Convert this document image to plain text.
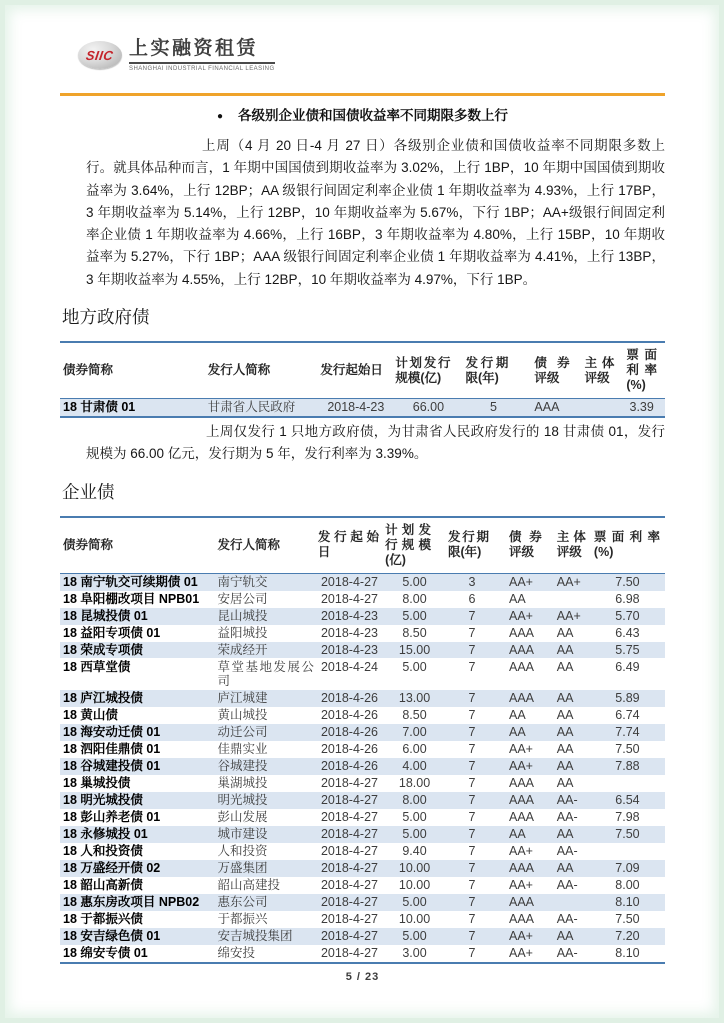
SIIC 上实融资租赁
SHANGHAI INDUSTRIAL FINANCIAL LEASING
● 各级别企业债和国债收益率不同期限多数上行

上周（4 月 20 日-4 月 27 日）各级别企业债和国债收益率不同期限多数上行。就具体品种而言，1 年期中国国债到期收益率为 3.02%，上行 1BP，10 年期中国国债到期收益率为 3.64%，上行 12BP；AA 级银行间固定利率企业债 1 年期收益率为 4.93%，上行 17BP，3 年期收益率为 5.14%，上行 12BP，10 年期收益率为 5.67%，下行 1BP；AA+级银行间固定利率企业债 1 年期收益率为 4.66%，上行 16BP，3 年期收益率为 4.80%，上行 15BP，10 年期收益率为 5.27%，下行 1BP；AAA 级银行间固定利率企业债 1 年期收益率为 4.41%，上行 13BP，3 年期收益率为 4.55%，上行 12BP，10 年期收益率为 4.97%，下行 1BP。

地方政府债
债券简称	发行人简称	发行起始日	计划发行规模(亿)	发行期限(年)	债券评级	主体评级	票面利率(%)
18 甘肃债 01	甘肃省人民政府	2018-4-23	66.00	5	AAA		3.39

上周仅发行 1 只地方政府债，为甘肃省人民政府发行的 18 甘肃债 01，发行规模为 66.00 亿元，发行期为 5 年，发行利率为 3.39%。

企业债
债券简称	发行人简称	发行起始日	计划发行规模(亿)	发行期限(年)	债券评级	主体评级	票面利率(%)
18 南宁轨交可续期债 01	南宁轨交	2018-4-27	5.00	3	AA+	AA+	7.50
18 阜阳棚改项目 NPB01	安居公司	2018-4-27	8.00	6	AA		6.98
18 昆城投债 01	昆山城投	2018-4-23	5.00	7	AA+	AA+	5.70
18 益阳专项债 01	益阳城投	2018-4-23	8.50	7	AAA	AA	6.43
18 荣成专项债	荣成经开	2018-4-23	15.00	7	AAA	AA	5.75
18 西草堂债	草堂基地发展公司	2018-4-24	5.00	7	AAA	AA	6.49
18 庐江城投债	庐江城建	2018-4-26	13.00	7	AAA	AA	5.89
18 黄山债	黄山城投	2018-4-26	8.50	7	AA	AA	6.74
18 海安动迁债 01	动迁公司	2018-4-26	7.00	7	AA	AA	7.74
18 泗阳佳鼎债 01	佳鼎实业	2018-4-26	6.00	7	AA+	AA	7.50
18 谷城建投债 01	谷城建投	2018-4-26	4.00	7	AA+	AA	7.88
18 巢城投债	巢湖城投	2018-4-27	18.00	7	AAA	AA	
18 明光城投债	明光城投	2018-4-27	8.00	7	AAA	AA-	6.54
18 彭山养老债 01	彭山发展	2018-4-27	5.00	7	AAA	AA-	7.98
18 永修城投 01	城市建设	2018-4-27	5.00	7	AA	AA	7.50
18 人和投资债	人和投资	2018-4-27	9.40	7	AA+	AA-	
18 万盛经开债 02	万盛集团	2018-4-27	10.00	7	AAA	AA	7.09
18 韶山高新债	韶山高建投	2018-4-27	10.00	7	AA+	AA-	8.00
18 惠东房改项目 NPB02	惠东公司	2018-4-27	5.00	7	AAA		8.10
18 于都振兴债	于都振兴	2018-4-27	10.00	7	AAA	AA-	7.50
18 安吉绿色债 01	安吉城投集团	2018-4-27	5.00	7	AA+	AA	7.20
18 绵安专债 01	绵安投	2018-4-27	3.00	7	AA+	AA-	8.10
5 / 23
